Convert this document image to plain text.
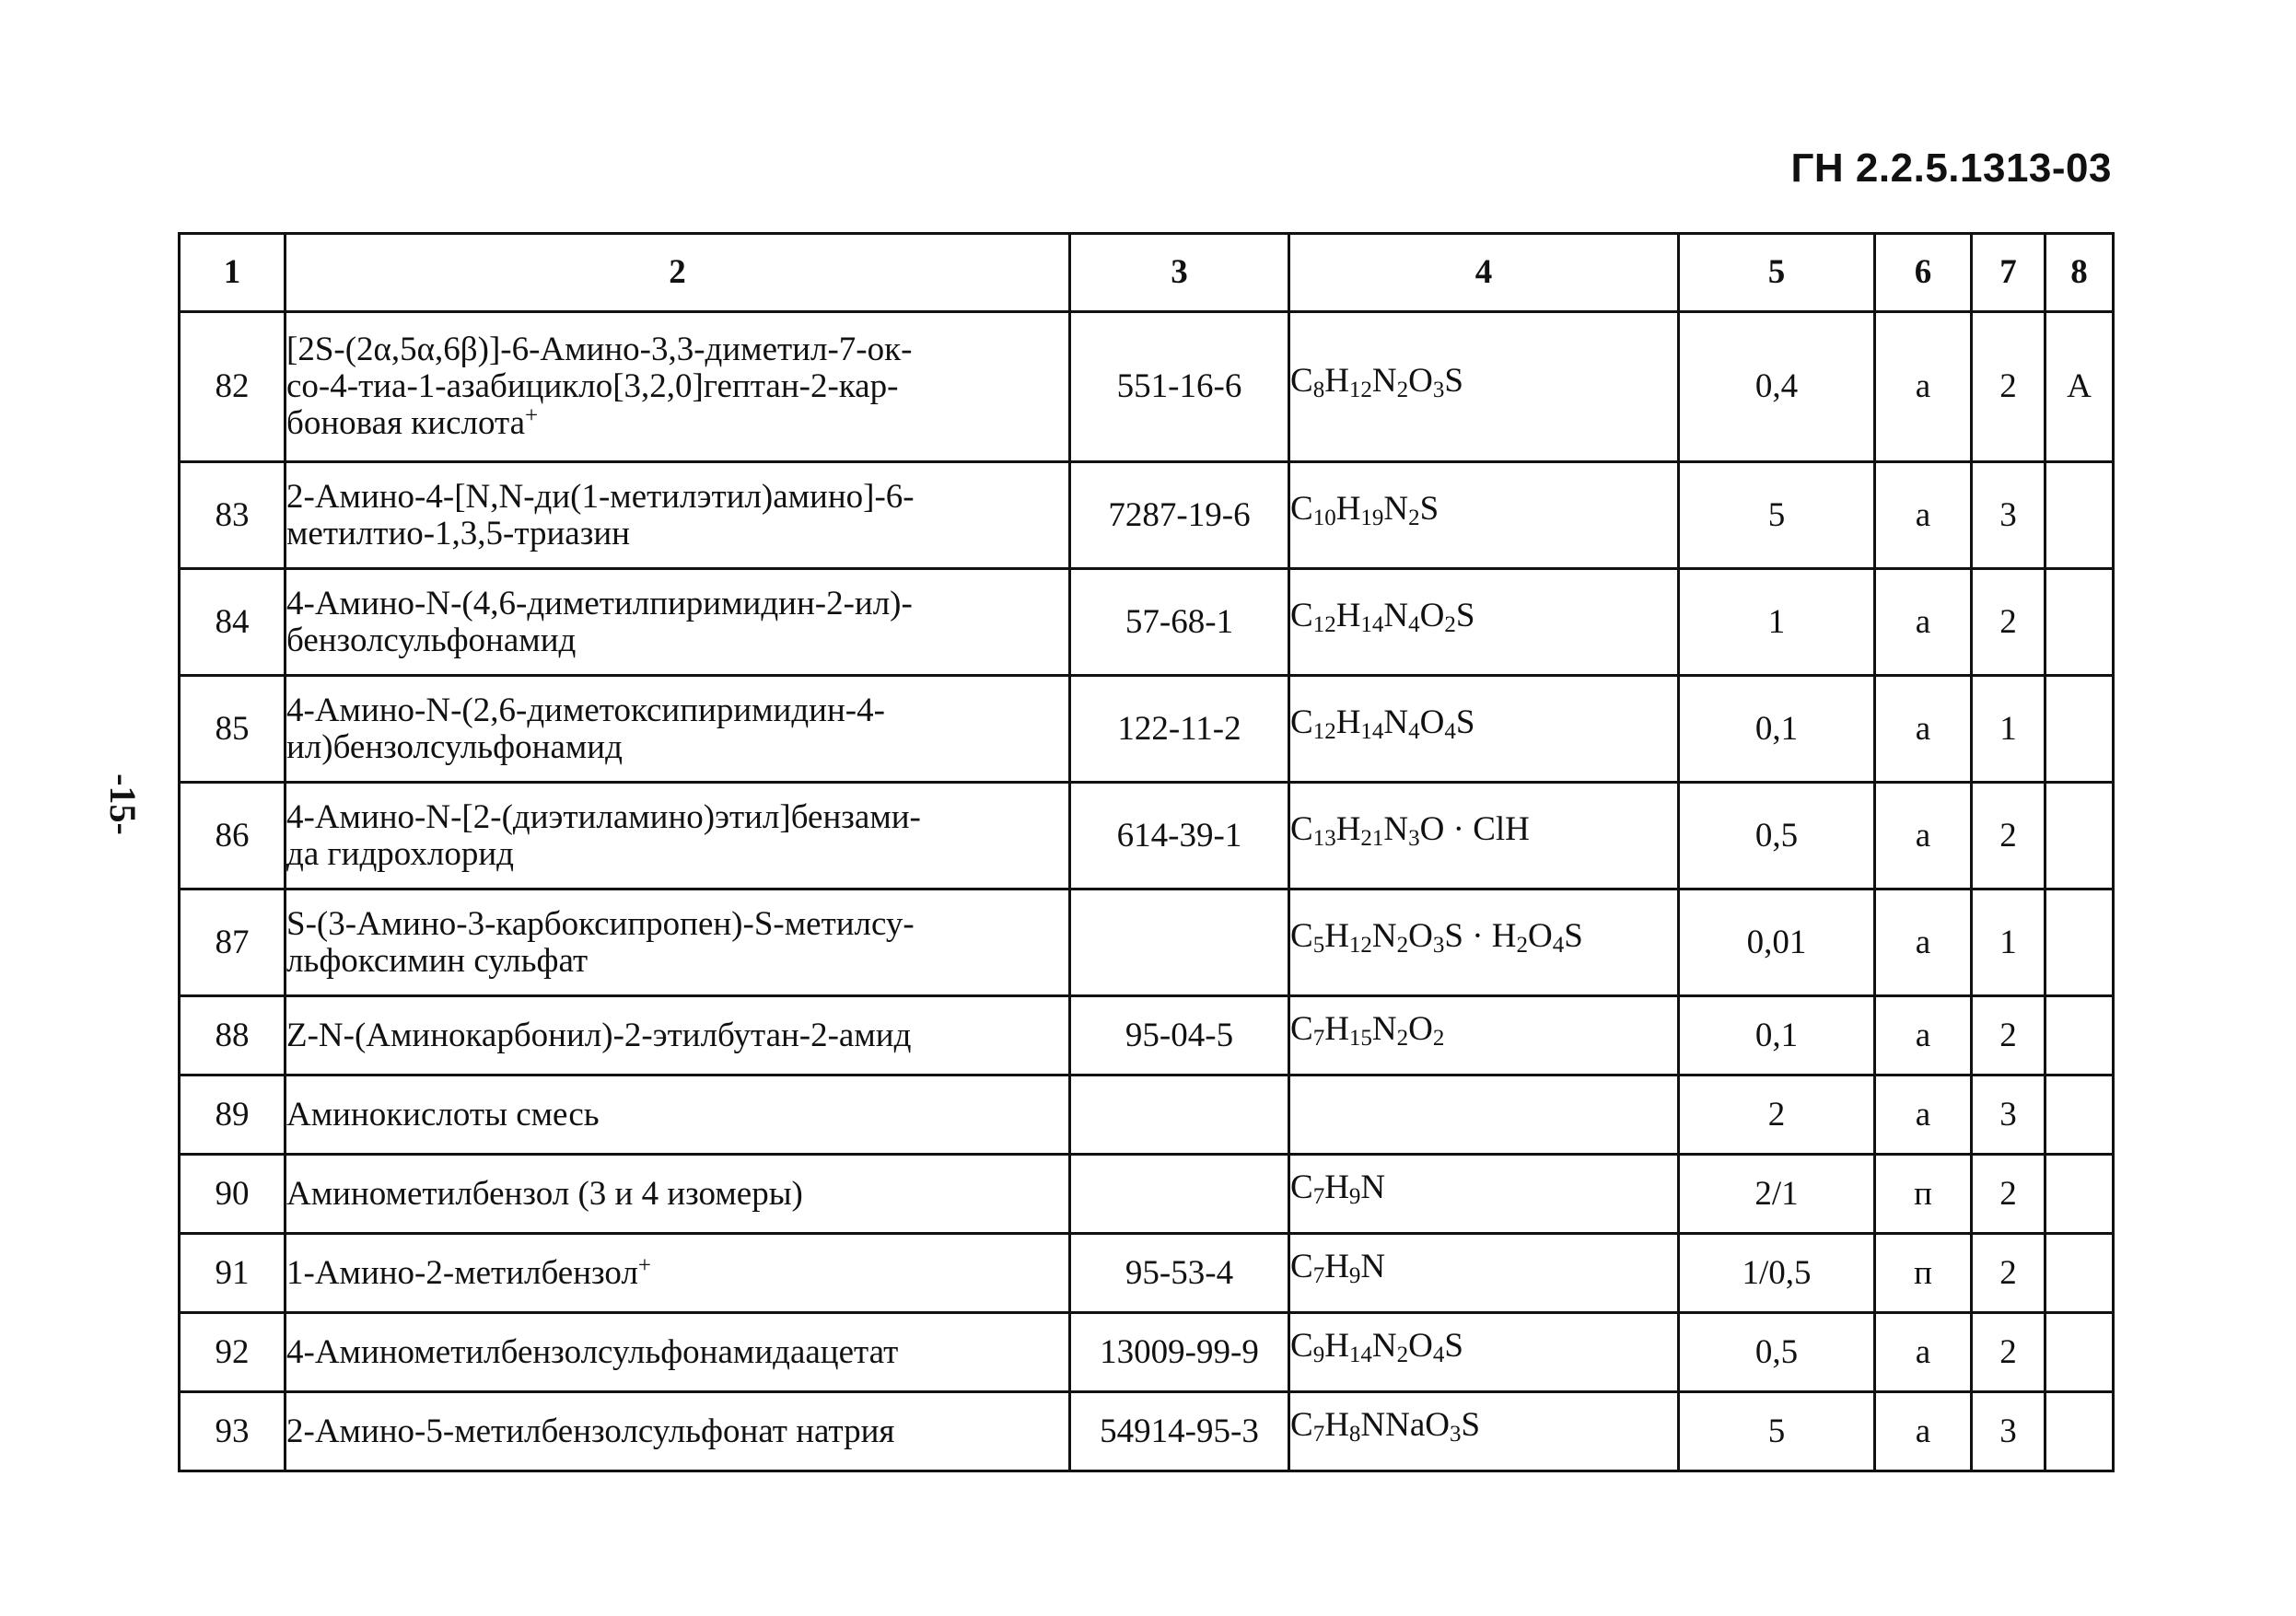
ГН 2.2.5.1313-03
-15-
1	2	3	4	5	6	7	8
82	[2S-(2α,5α,6β)]-6-Амино-3,3-диметил-7-ок-
со-4-тиа-1-азабицикло[3,2,0]гептан-2-кар-
боновая кислота+	551-16-6	$C_8H_{12}N_2O_3S$	0,4	а	2	А
83	2-Амино-4-[N,N-ди(1-метилэтил)амино]-6-
метилтио-1,3,5-триазин	7287-19-6	$C_{10}H_{19}N_2S$	5	а	3	
84	4-Амино-N-(4,6-диметилпиримидин-2-ил)-
бензолсульфонамид	57-68-1	$C_{12}H_{14}N_4O_2S$	1	а	2	
85	4-Амино-N-(2,6-диметоксипиримидин-4-
ил)бензолсульфонамид	122-11-2	$C_{12}H_{14}N_4O_4S$	0,1	а	1	
86	4-Амино-N-[2-(диэтиламино)этил]бензами-
да гидрохлорид	614-39-1	$C_{13}H_{21}N_3O$ · ClH	0,5	а	2	
87	S-(3-Амино-3-карбоксипропен)-S-метилсу-
льфоксимин сульфат		$C_5H_{12}N_2O_3S \cdot H_2O_4S$	0,01	а	1	
88	Z-N-(Аминокарбонил)-2-этилбутан-2-амид	95-04-5	$C_7H_{15}N_2O_2$	0,1	а	2	
89	Аминокислоты смесь			2	а	3	
90	Аминометилбензол (3 и 4 изомеры)		$C_7H_9N$	2/1	п	2	
91	1-Амино-2-метилбензол+	95-53-4	$C_7H_9N$	1/0,5	п	2	
92	4-Аминометилбензолсульфонамидаацетат	13009-99-9	$C_9H_{14}N_2O_4S$	0,5	а	2	
93	2-Амино-5-метилбензолсульфонат натрия	54914-95-3	$C_7H_8NNaO_3S$	5	а	3	
